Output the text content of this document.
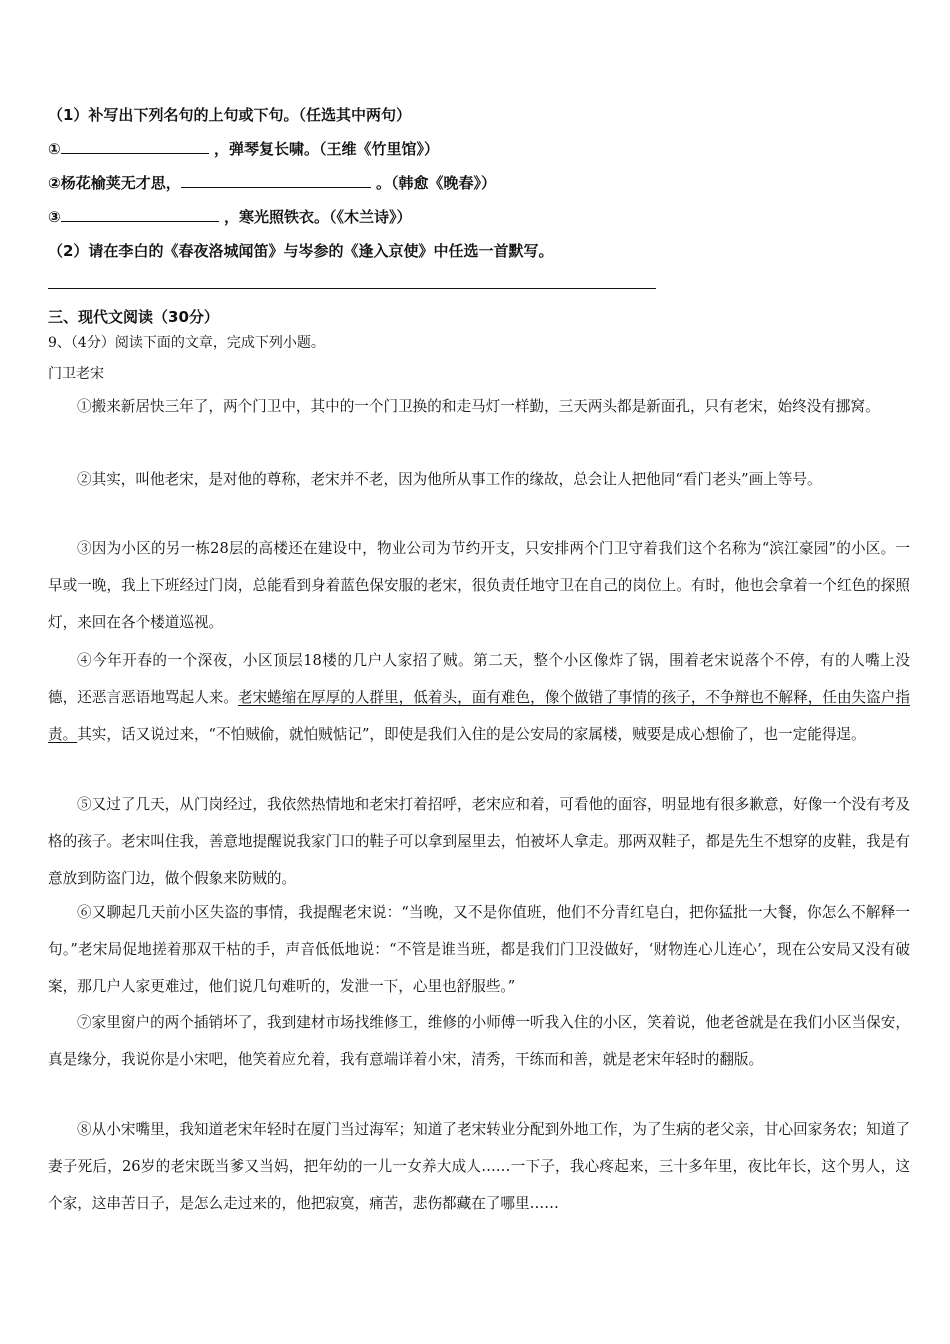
（1）补写出下列名句的上句或下句。（任选其中两句）
①	，弹琴复长啸。（王维《竹里馆》）
②杨花榆荚无才思，	。（韩愈《晚春》）
③	，寒光照铁衣。（《木兰诗》）
（2）请在李白的《春夜洛城闻笛》与岑参的《逢入京使》中任选一首默写。
三、现代文阅读（30分）
9、（4分）阅读下面的文章，完成下列小题。
门卫老宋

①搬来新居快三年了，两个门卫中，其中的一个门卫换的和走马灯一样勤，三天两头都是新面孔，只有老宋，始终没有挪窝。

②其实，叫他老宋，是对他的尊称，老宋并不老，因为他所从事工作的缘故，总会让人把他同“看门老头”画上等号。

③因为小区的另一栋28层的高楼还在建设中，物业公司为节约开支，只安排两个门卫守着我们这个名称为“滨江豪园”的小区。一早或一晚，我上下班经过门岗，总能看到身着蓝色保安服的老宋，很负责任地守卫在自己的岗位上。有时，他也会拿着一个红色的探照灯，来回在各个楼道巡视。

④今年开春的一个深夜，小区顶层18楼的几户人家招了贼。第二天，整个小区像炸了锅，围着老宋说落个不停，有的人嘴上没德，还恶言恶语地骂起人来。老宋蜷缩在厚厚的人群里，低着头，面有难色，像个做错了事情的孩子，不争辩也不解释，任由失盗户指责。其实，话又说过来，“不怕贼偷，就怕贼惦记”，即使是我们入住的是公安局的家属楼，贼要是成心想偷了，也一定能得逞。

⑤又过了几天，从门岗经过，我依然热情地和老宋打着招呼，老宋应和着，可看他的面容，明显地有很多歉意，好像一个没有考及格的孩子。老宋叫住我，善意地提醒说我家门口的鞋子可以拿到屋里去，怕被坏人拿走。那两双鞋子，都是先生不想穿的皮鞋，我是有意放到防盗门边，做个假象来防贼的。

⑥又聊起几天前小区失盗的事情，我提醒老宋说：“当晚，又不是你值班，他们不分青红皂白，把你猛批一大餐，你怎么不解释一句。”老宋局促地搓着那双干枯的手，声音低低地说：“不管是谁当班，都是我们门卫没做好，‘财物连心儿连心’，现在公安局又没有破案，那几户人家更难过，他们说几句难听的，发泄一下，心里也舒服些。”

⑦家里窗户的两个插销坏了，我到建材市场找维修工，维修的小师傅一听我入住的小区，笑着说，他老爸就是在我们小区当保安，真是缘分，我说你是小宋吧，他笑着应允着，我有意端详着小宋，清秀，干练而和善，就是老宋年轻时的翻版。

⑧从小宋嘴里，我知道老宋年轻时在厦门当过海军；知道了老宋转业分配到外地工作，为了生病的老父亲，甘心回家务农；知道了妻子死后，26岁的老宋既当爹又当妈，把年幼的一儿一女养大成人……一下子，我心疼起来，三十多年里，夜比年长，这个男人，这个家，这串苦日子，是怎么走过来的，他把寂寞，痛苦，悲伤都藏在了哪里……
